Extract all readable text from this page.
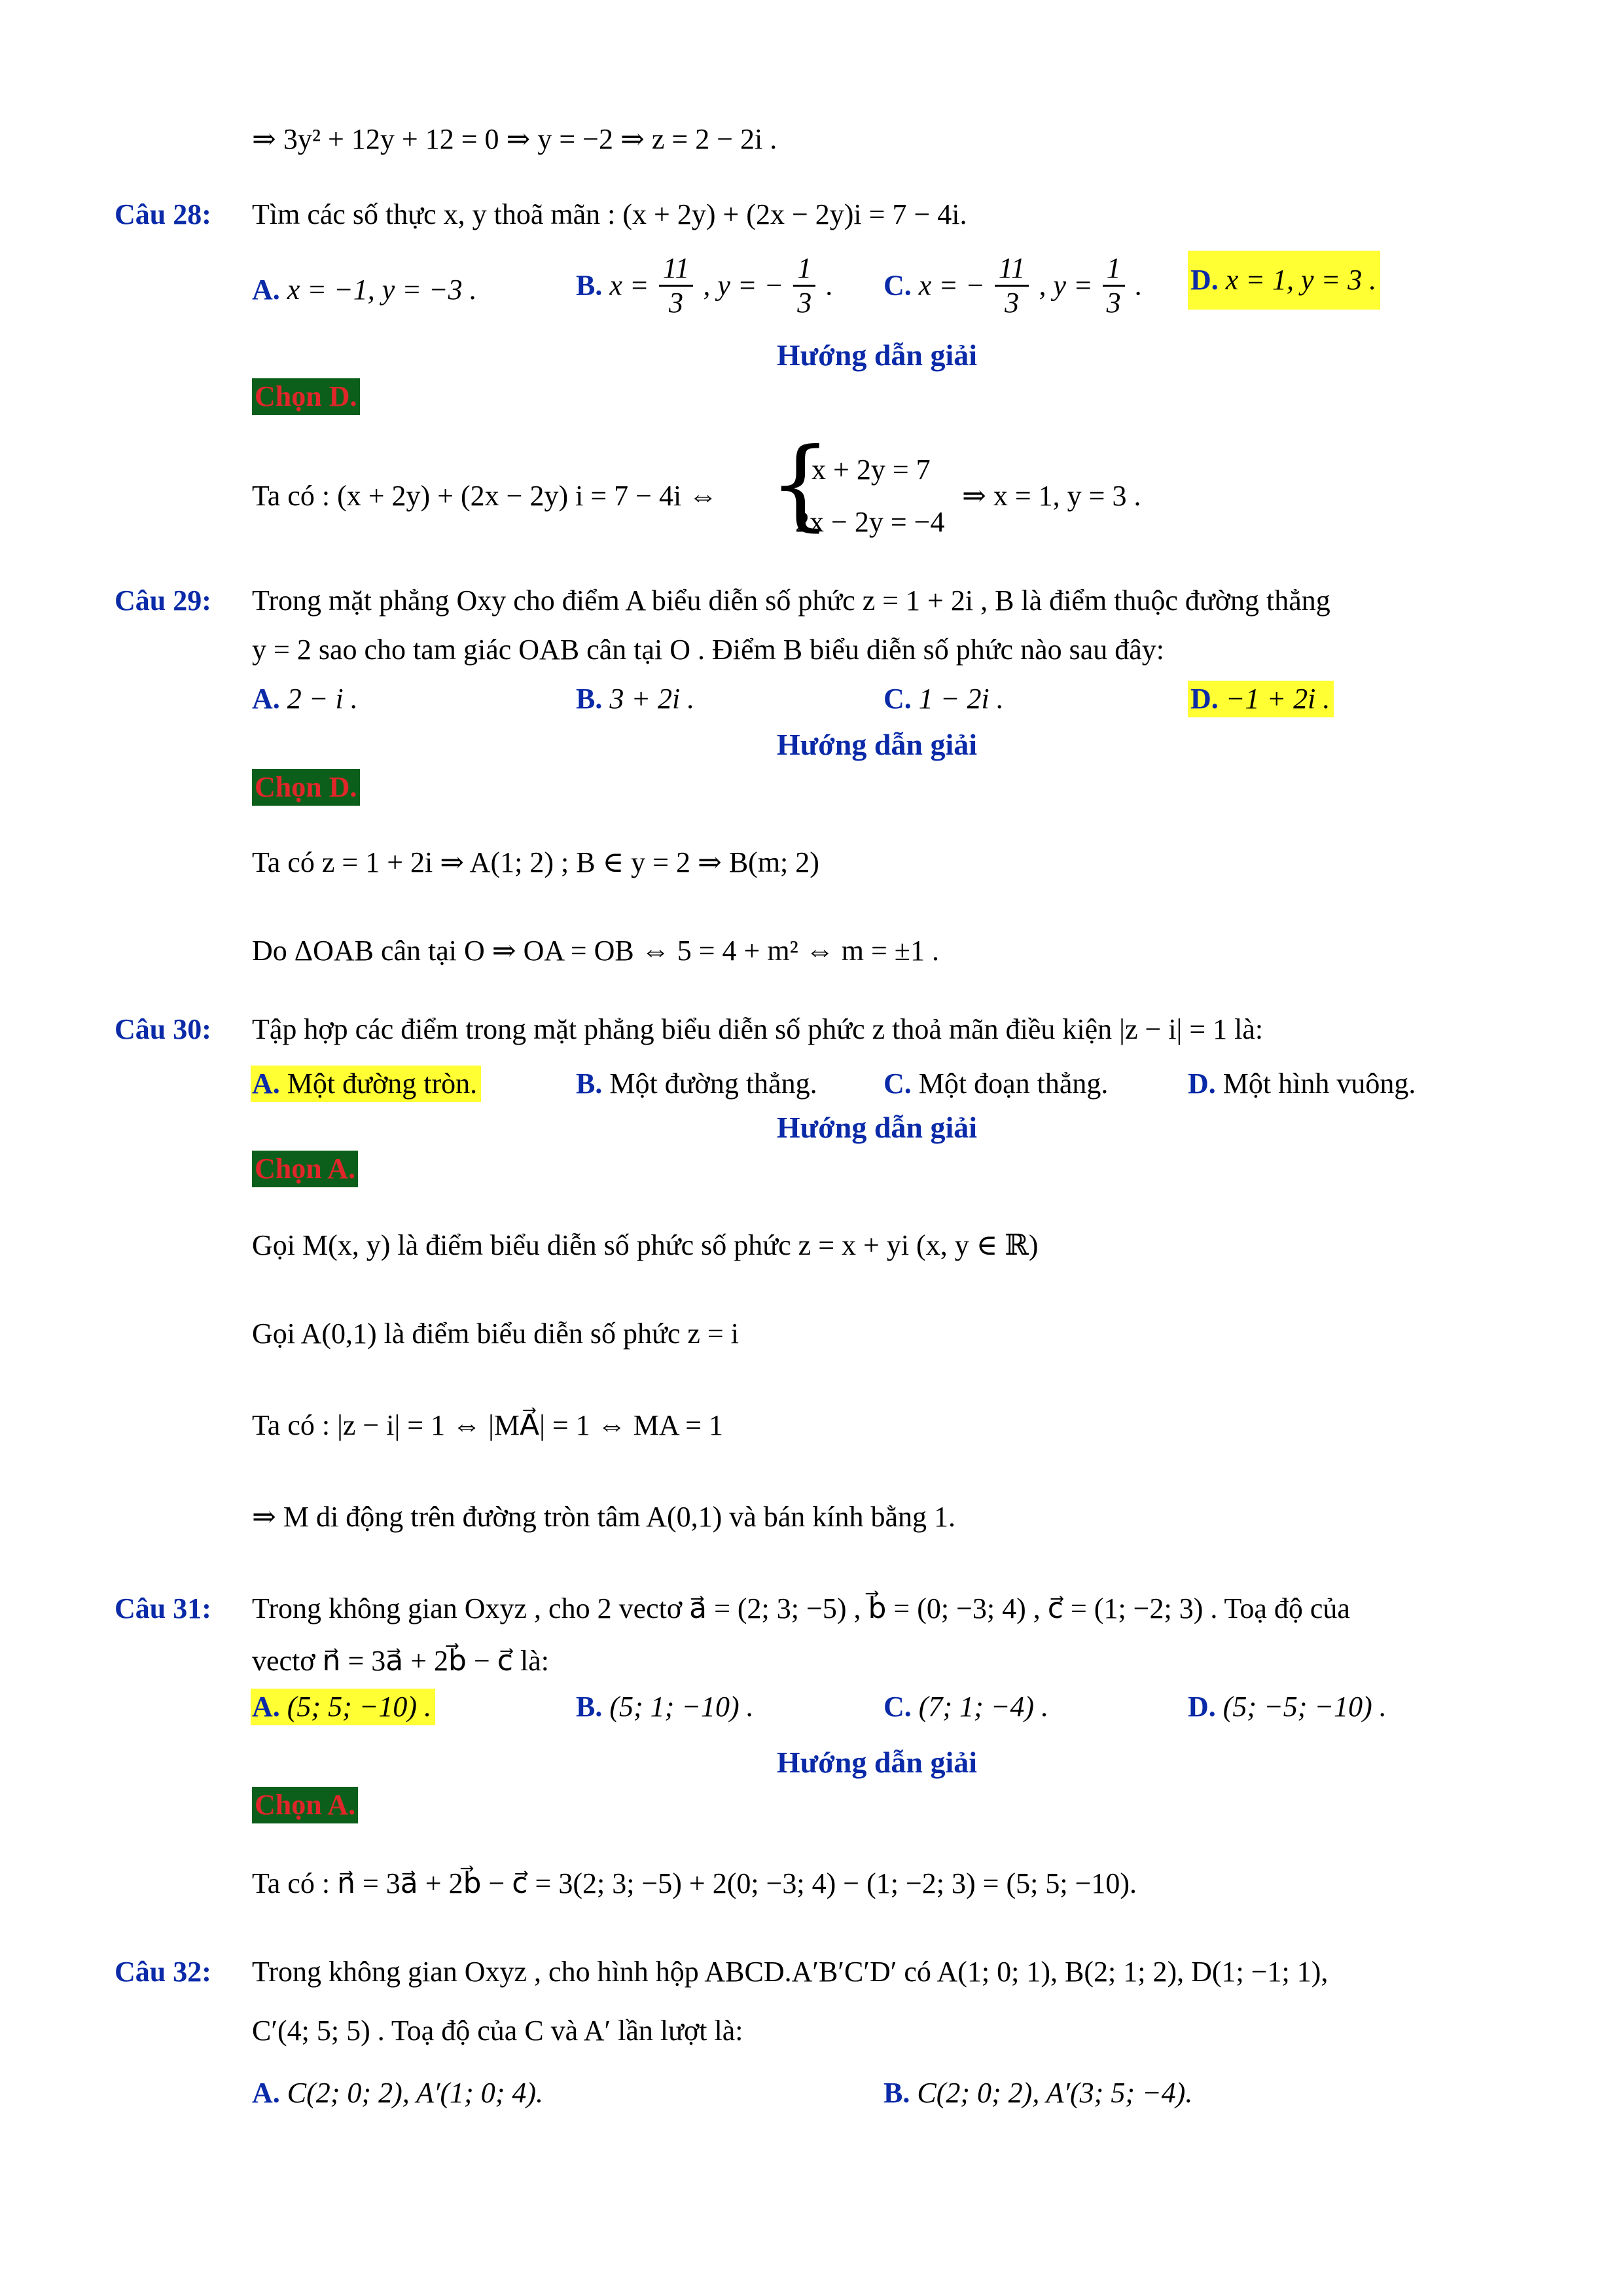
⇒ 3y² + 12y + 12 = 0 ⇒ y = −2 ⇒ z = 2 − 2i .
Câu 28: Tìm các số thực x, y thoã mãn : (x + 2y) + (2x − 2y)i = 7 − 4i.
A. x = −1, y = −3 .	B. $x = \frac{11}{3}$ , y = − $\frac{1}{3}$ . C. x = − $\frac{11}{3}$ , $y = \frac{1}{3}$ . D. x = 1, y = 3 .
Hướng dẫn giải
Chọn D.
Ta có : (x + 2y) + (2x − 2y) i = 7 − 4i ⇔ {
x + 2y = 7
2x − 2y = −4
⇒ x = 1, y = 3 .
Câu 29: Trong mặt phẳng Oxy cho điểm A biểu diễn số phức z = 1 + 2i , B là điểm thuộc đường thẳng
y = 2 sao cho tam giác OAB cân tại O . Điểm B biểu diễn số phức nào sau đây:
A. 2 − i .	B. 3 + 2i .	C. 1 − 2i .	D. −1 + 2i .
Hướng dẫn giải
Chọn D.
Ta có z = 1 + 2i ⇒ A(1; 2) ; B ∈ y = 2 ⇒ B(m; 2)
Do ΔOAB cân tại O ⇒ OA = OB ⇔ 5 = 4 + m² ⇔ m = ±1 .
Câu 30: Tập hợp các điểm trong mặt phẳng biểu diễn số phức z thoả mãn điều kiện |z − i| = 1 là:
A. Một đường tròn.	B. Một đường thẳng. C. Một đoạn thẳng.	D. Một hình vuông.
Hướng dẫn giải
Chọn A.
Gọi M(x, y) là điểm biểu diễn số phức số phức z = x + yi (x, y ∈ ℝ)
Gọi A(0,1) là điểm biểu diễn số phức z = i
Ta có : |z − i| = 1 ⇔ |MA⃗| = 1 ⇔ MA = 1
⇒ M di động trên đường tròn tâm A(0,1) và bán kính bằng 1.
Câu 31: Trong không gian Oxyz , cho 2 vectơ a⃗ = (2; 3; −5) , b⃗ = (0; −3; 4) , c⃗ = (1; −2; 3) . Toạ độ của
vectơ n⃗ = 3a⃗ + 2b⃗ − c⃗ là:
A. (5; 5; −10) .	B. (5; 1; −10) .	C. (7; 1; −4) .	D. (5; −5; −10) .
Hướng dẫn giải
Chọn A.
Ta có : n⃗ = 3a⃗ + 2b⃗ − c⃗ = 3(2; 3; −5) + 2(0; −3; 4) − (1; −2; 3) = (5; 5; −10).
Câu 32: Trong không gian Oxyz , cho hình hộp ABCD.A′B′C′D′ có A(1; 0; 1), B(2; 1; 2), D(1; −1; 1),
C′(4; 5; 5) . Toạ độ của C và A′ lần lượt là:
A. C(2; 0; 2), A′(1; 0; 4).	B. C(2; 0; 2), A′(3; 5; −4).
